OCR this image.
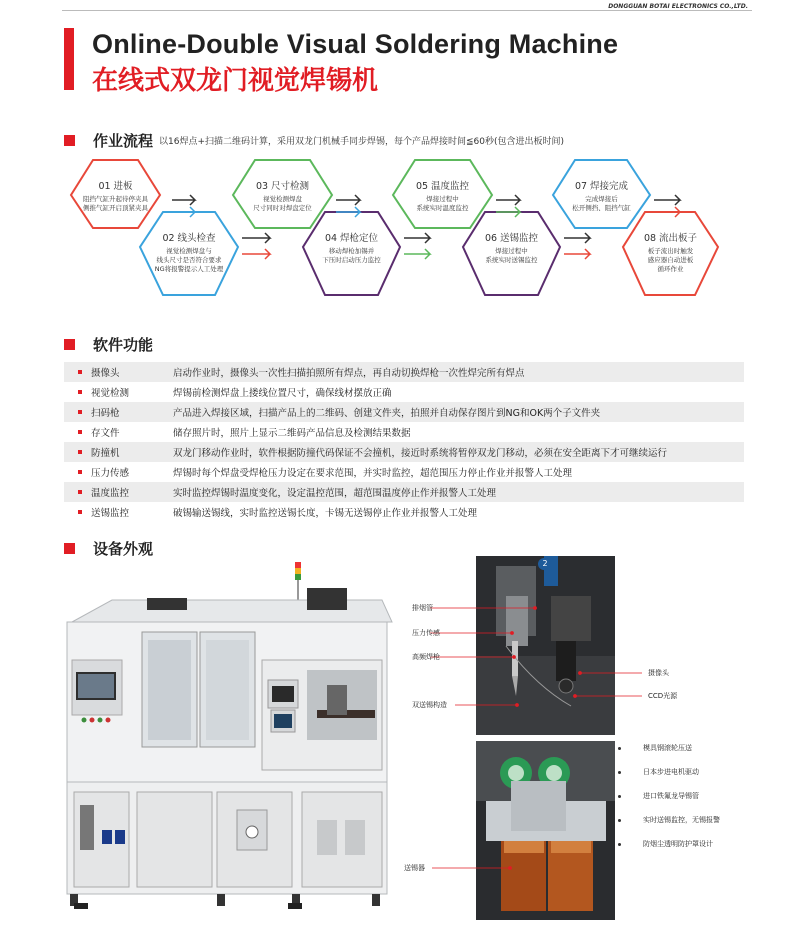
DONGGUAN BOTAI ELECTRONICS CO.,LTD.
Online-Double Visual Soldering Machine
在线式双龙门视觉焊锡机
作业流程 以16焊点+扫描二维码计算，采用双龙门机械手同步焊锡，每个产品焊接时间≦60秒(包含进出板时间)
01 进板
阻挡气缸升起待停夹具
侧推气缸开启顶紧夹具
02 线头检查
视觉检测焊盘与
线头尺寸是否符合要求
NG将报警提示人工处理
03 尺寸检测
视觉检测焊盘
尺寸同时对焊盘定位
04 焊枪定位
移动焊枪加锡并
下压时启动压力监控
05 温度监控
焊接过程中
系统实时温度监控
06 送锡监控
焊接过程中
系统实时送锡监控
07 焊接完成
完成焊接后
松开侧挡、阻挡气缸
08 流出板子
板子流出时触发
感应器自动进板
循环作业
软件功能
摄像头	启动作业时，摄像头一次性扫描拍照所有焊点，再自动切换焊枪一次性焊完所有焊点
视觉检测	焊锡前检测焊盘上搂线位置尺寸，确保线材摆放正确
扫码枪	产品进入焊接区域，扫描产品上的二维码、创建文件夹，拍照并自动保存图片到NG和OK两个子文件夹
存文件	储存照片时，照片上显示二维码产品信息及检测结果数据
防撞机	双龙门移动作业时，软件根据防撞代码保证不会撞机，接近时系统将暂停双龙门移动，必须在安全距离下才可继续运行
压力传感	焊锡时每个焊盘受焊枪压力设定在要求范围，并实时监控，超范围压力停止作业并报警人工处理
温度监控	实时监控焊锡时温度变化，设定温控范围，超范围温度停止作并报警人工处理
送锡监控	破锡输送锡线，实时监控送锡长度，卡锡无送锡停止作业并报警人工处理
设备外观
2
排烟管
压力传感
高频焊枪
双送锡构造
摄像头
CCD光源
送锡器
模具钢滚轮压送
日本步进电机驱动
进口铁氟龙导锡管
实时送锡监控，无锡报警
防烟尘透明防护罩设计
